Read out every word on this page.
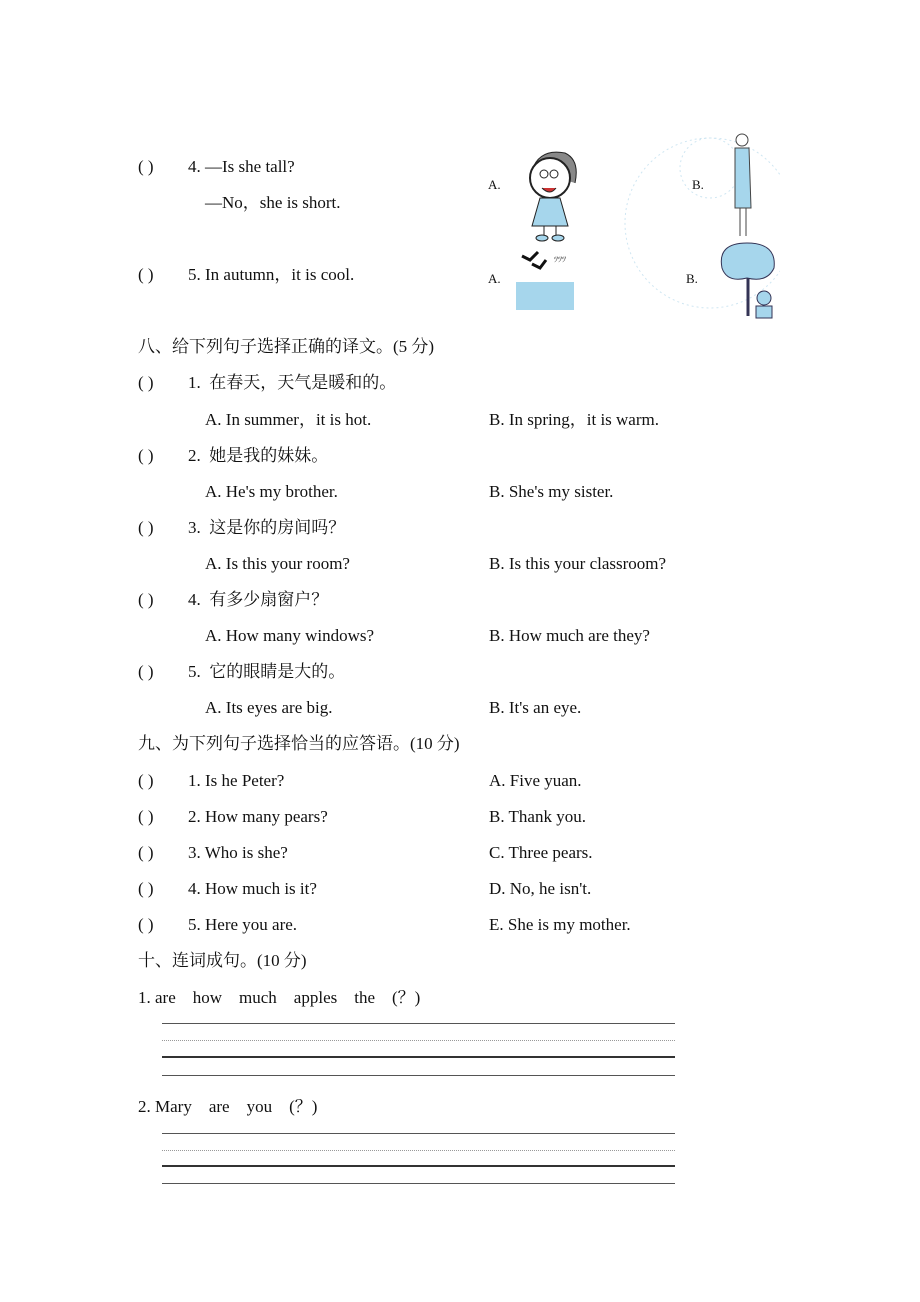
( ) 4. —Is she tall?
—No，she is short.
( ) 5. In autumn，it is cool.
A.	B.
A.	B.
ﾂﾂﾂ
八、给下列句子选择正确的译文。(5 分)
( ) 1.  在春天，天气是暖和的。
A. In summer，it is hot.	B. In spring，it is warm.
( ) 2.  她是我的妹妹。
A. He's my brother.	B. She's my sister.
( ) 3.  这是你的房间吗？
A. Is this your room?	B. Is this your classroom?
( ) 4.  有多少扇窗户？
A. How many windows?	B. How much are they?
( ) 5.  它的眼睛是大的。
A. Its eyes are big.	B. It's an eye.
九、为下列句子选择恰当的应答语。(10 分)
( ) 1. Is he Peter?	A. Five yuan.
( ) 2. How many pears?	B. Thank you.
( ) 3. Who is she?	C. Three pears.
( ) 4. How much is it?	D. No, he isn't.
( ) 5. Here you are.	E. She is my mother.
十、连词成句。(10 分)
1. are    how    much    apples    the    (？)
2. Mary    are    you    (？)
